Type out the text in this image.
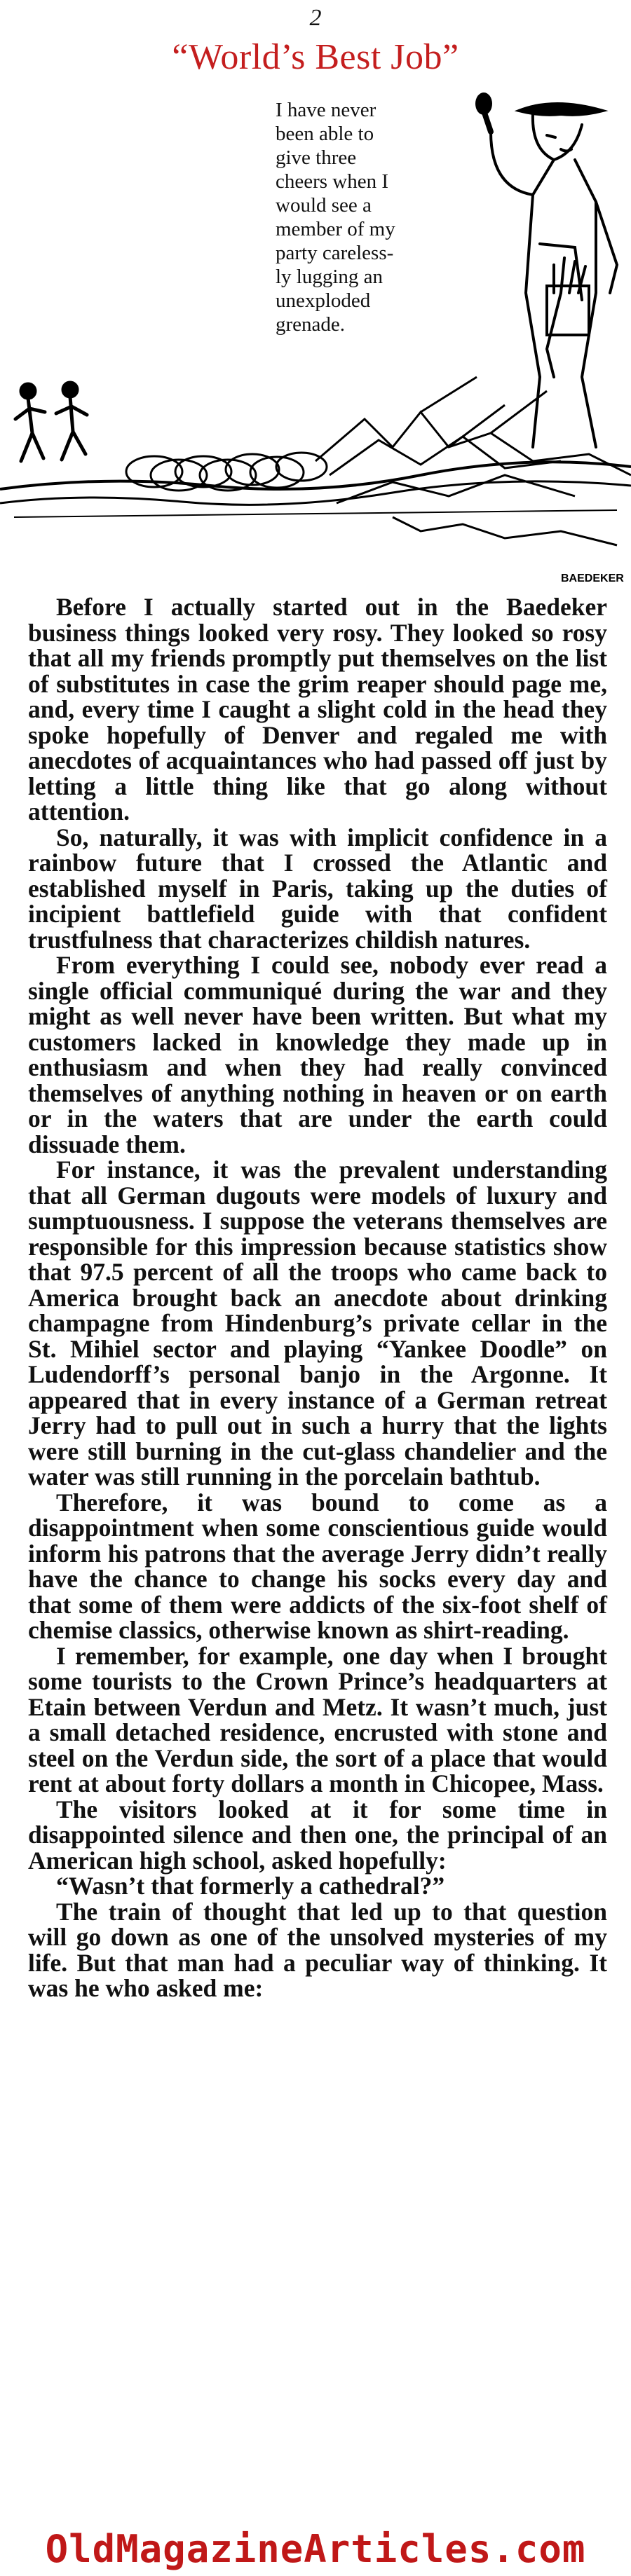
2
“World’s Best Job”
BAEDEKER
I have never
been able to
give three
cheers when I
would see a
member of my
party careless-
ly lugging an
unexploded
grenade.

Before I actually started out in the Baedeker business things looked very rosy. They looked so rosy that all my friends promptly put themselves on the list of substitutes in case the grim reaper should page me, and, every time I caught a slight cold in the head they spoke hopefully of Denver and regaled me with anecdotes of acquaintances who had passed off just by letting a little thing like that go along without attention.

So, naturally, it was with implicit confidence in a rainbow future that I crossed the Atlantic and established myself in Paris, taking up the duties of incipient battlefield guide with that confident trustfulness that characterizes childish natures.

From everything I could see, nobody ever read a single official communiqué during the war and they might as well never have been written. But what my customers lacked in knowledge they made up in enthusiasm and when they had really convinced themselves of anything nothing in heaven or on earth or in the waters that are under the earth could dissuade them.

For instance, it was the prevalent understanding that all German dugouts were models of luxury and sumptuousness. I suppose the veterans themselves are responsible for this impression because statistics show that 97.5 percent of all the troops who came back to America brought back an anecdote about drinking champagne from Hindenburg’s private cellar in the St. Mihiel sector and playing “Yankee Doodle” on Ludendorff’s personal banjo in the Argonne. It appeared that in every instance of a German retreat Jerry had to pull out in such a hurry that the lights were still burning in the cut-glass chandelier and the water was still running in the porcelain bathtub.

Therefore, it was bound to come as a disappointment when some conscientious guide would inform his patrons that the average Jerry didn’t really have the chance to change his socks every day and that some of them were addicts of the six-foot shelf of chemise classics, otherwise known as shirt-reading.

I remember, for example, one day when I brought some tourists to the Crown Prince’s headquarters at Etain between Verdun and Metz. It wasn’t much, just a small detached residence, encrusted with stone and steel on the Verdun side, the sort of a place that would rent at about forty dollars a month in Chicopee, Mass.

The visitors looked at it for some time in disappointed silence and then one, the principal of an American high school, asked hopefully:

“Wasn’t that formerly a cathedral?”

The train of thought that led up to that question will go down as one of the unsolved mysteries of my life. But that man had a peculiar way of thinking. It was he who asked me:

OldMagazineArticles.com
